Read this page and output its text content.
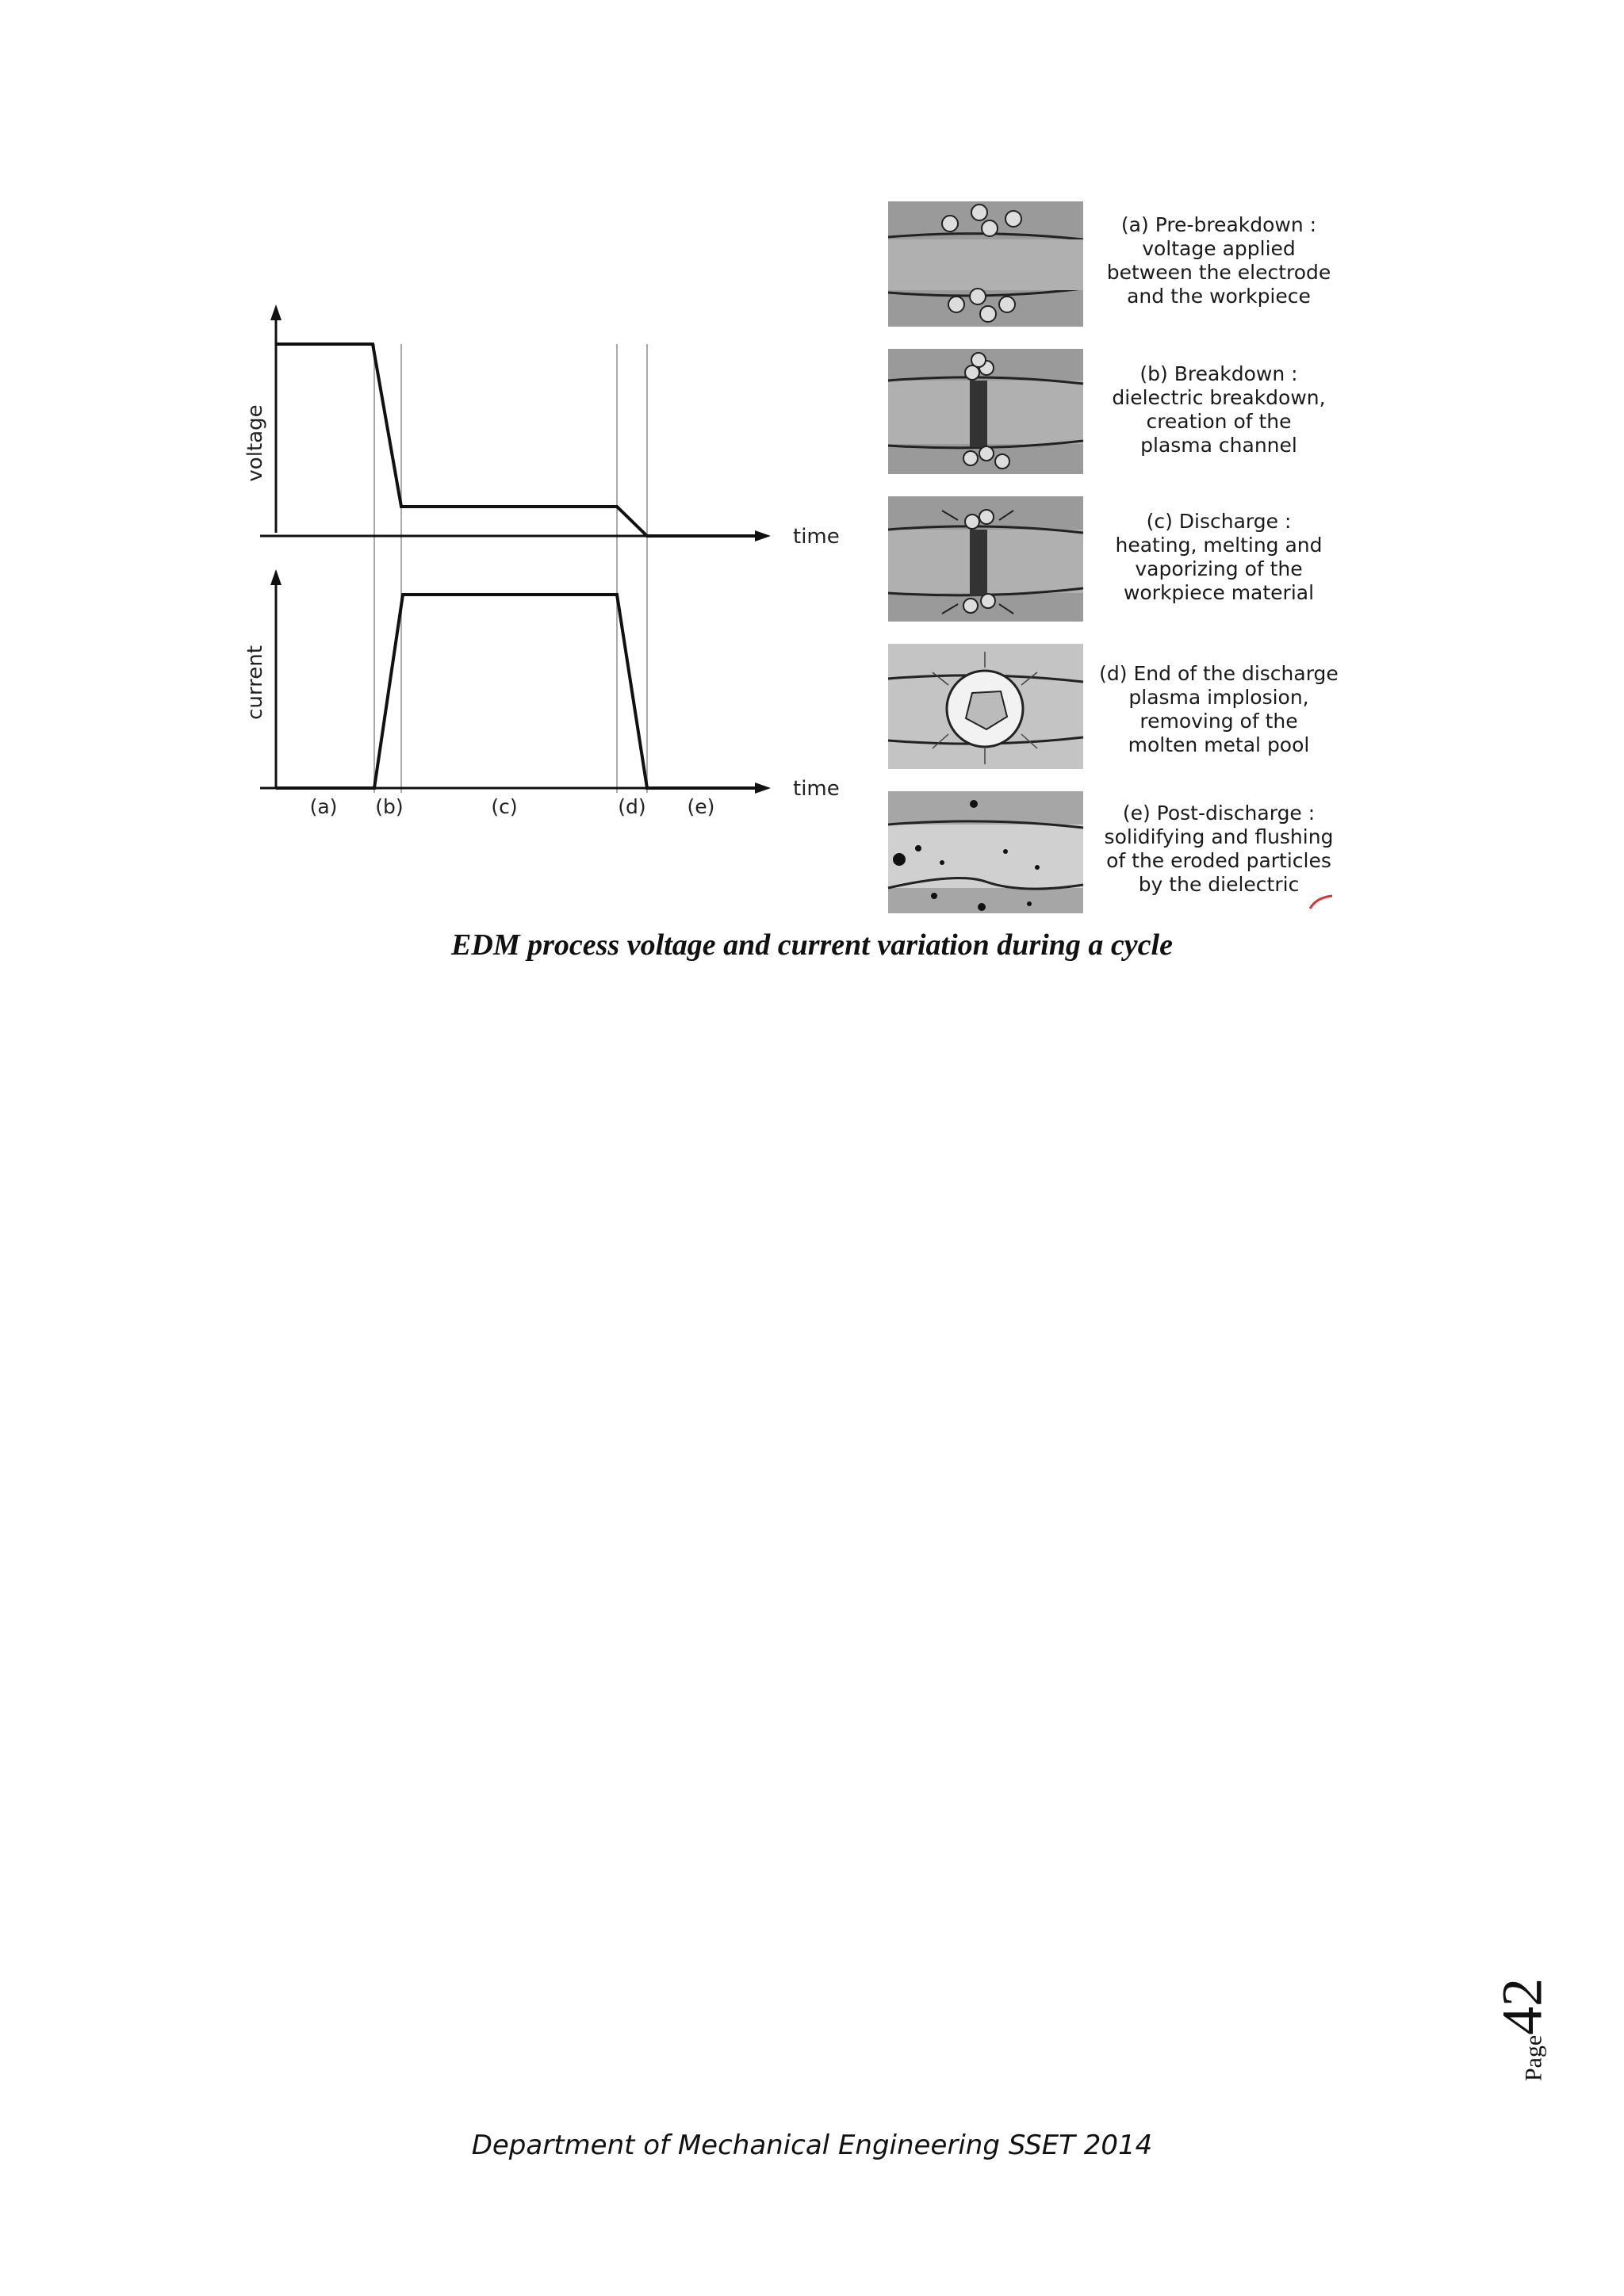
voltage
current
time
time
(a) (b)	(c)	(d) (e)
(a) Pre-breakdown :
voltage applied
between the electrode
and the workpiece
(b) Breakdown :
dielectric breakdown,
creation of the
plasma channel
(c) Discharge :
heating, melting and
vaporizing of the
workpiece material
(d) End of the discharge
plasma implosion,
removing of the
molten metal pool
(e) Post-discharge :
solidifying and flushing
of the eroded particles
by the dielectric
EDM process voltage and current variation during a cycle
Page42
Department of Mechanical Engineering SSET 2014
